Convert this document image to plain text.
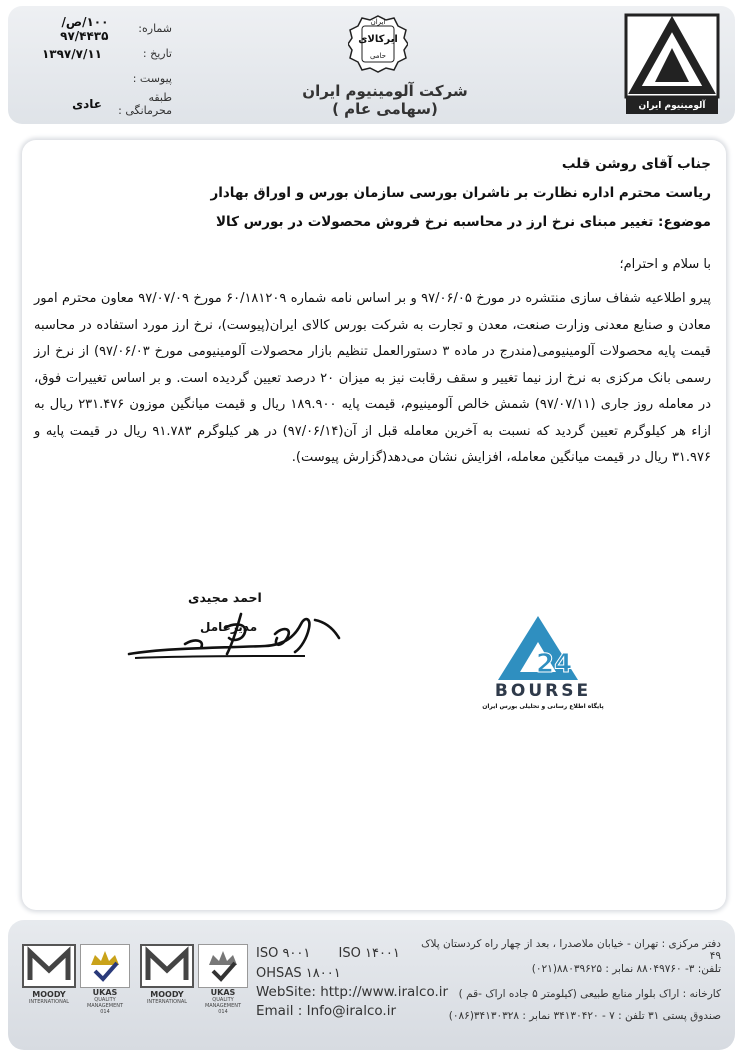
شماره:
۱۰۰/ص/۹۷/۴۴۳۵
تاریخ :
۱۳۹۷/۷/۱۱
پیوست :
طبقه محرمانگی :
عادی
ایران
ایرکالای
حامی
شرکت آلومینیوم ایران (سهامی عام )	آلومینیوم ایران
جناب آقای روشن قلب
ریاست محترم اداره نظارت بر ناشران بورسی سازمان بورس و اوراق بهادار
موضوع: تغییر مبنای نرخ ارز در محاسبه نرخ فروش محصولات در بورس کالا
با سلام و احترام؛
پیرو اطلاعیه شفاف سازی منتشره در مورخ ۹۷/۰۶/۰۵ و بر اساس نامه شماره ۶۰/۱۸۱۲۰۹ مورخ ۹۷/۰۷/۰۹ معاون محترم امور معادن و صنایع معدنی وزارت صنعت، معدن و تجارت به شرکت بورس کالای ایران(پیوست)، نرخ ارز مورد استفاده در محاسبه قیمت پایه محصولات آلومینیومی(مندرج در ماده ۳ دستورالعمل تنظیم بازار محصولات آلومینیومی مورخ ۹۷/۰۶/۰۳) از نرخ ارز رسمی بانک مرکزی به نرخ ارز نیما تغییر و سقف رقابت نیز به میزان ۲۰ درصد تعیین گردیده است. و بر اساس تغییرات فوق، در معامله روز جاری (۹۷/۰۷/۱۱) شمش خالص آلومینیوم، قیمت پایه ۱۸۹.۹۰۰ ریال و قیمت میانگین موزون ۲۳۱.۴۷۶ ریال به ازاء هر کیلوگرم تعیین گردید که نسبت به آخرین معامله قبل از آن(۹۷/۰۶/۱۴) در هر کیلوگرم ۹۱.۷۸۳ ریال در قیمت پایه و ۳۱.۹۷۶ ریال در قیمت میانگین معامله، افزایش نشان می‌دهد(گزارش پیوست).
احمد مجیدی
مدیرعامل
24
BOURSE
پایگاه اطلاع رسانی و تحلیلی بورس ایران
MOODY
INTERNATIONAL
UKAS
QUALITY MANAGEMENT
014
MOODY
INTERNATIONAL
UKAS
QUALITY MANAGEMENT
014
ISO ۹۰۰۱ ISO ۱۴۰۰۱
OHSAS ۱۸۰۰۱
WebSite: http://www.iralco.ir
Email : Info@iralco.ir
دفتر مرکزی : تهران - خیابان ملاصدرا ، بعد از چهار راه کردستان پلاک ۴۹
تلفن: ۳- ۸۸۰۴۹۷۶۰ نمابر : ۸۸۰۳۹۶۲۵(۰۲۱)
کارخانه : اراک بلوار منابع طبیعی (کیلومتر ۵ جاده اراک -قم )
صندوق پستی ۳۱ تلفن : ۷ - ۳۴۱۳۰۴۲۰ نمابر : ۳۴۱۳۰۳۲۸(۰۸۶)
